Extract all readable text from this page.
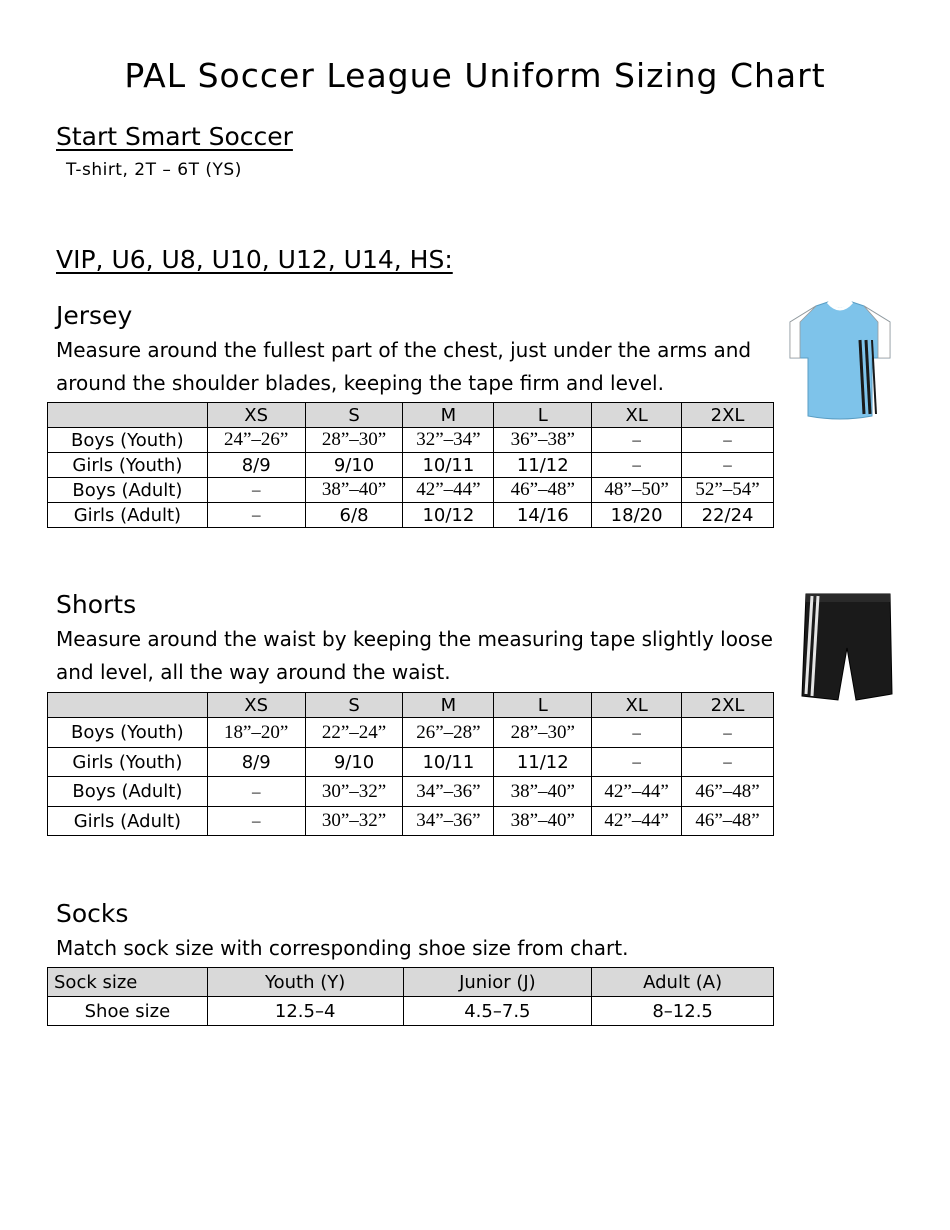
PAL Soccer League Uniform Sizing Chart
Start Smart Soccer
T-shirt, 2T – 6T (YS)
VIP, U6, U8, U10, U12, U14, HS:
Jersey
Measure around the fullest part of the chest, just under the arms and around the shoulder blades, keeping the tape firm and level.
	XS	S	M	L	XL	2XL
Boys (Youth)	24”–26”	28”–30”	32”–34”	36”–38”	–	–
Girls (Youth)	8/9	9/10	10/11	11/12	–	–
Boys (Adult)	–	38”–40”	42”–44”	46”–48”	48”–50”	52”–54”
Girls (Adult)	–	6/8	10/12	14/16	18/20	22/24
Shorts
Measure around the waist by keeping the measuring tape slightly loose and level, all the way around the waist.
	XS	S	M	L	XL	2XL
Boys (Youth)	18”–20”	22”–24”	26”–28”	28”–30”	–	–
Girls (Youth)	8/9	9/10	10/11	11/12	–	–
Boys (Adult)	–	30”–32”	34”–36”	38”–40”	42”–44”	46”–48”
Girls (Adult)	–	30”–32”	34”–36”	38”–40”	42”–44”	46”–48”
Socks
Match sock size with corresponding shoe size from chart.
Sock size	Youth (Y)	Junior (J)	Adult (A)
Shoe size	12.5–4	4.5–7.5	8–12.5
